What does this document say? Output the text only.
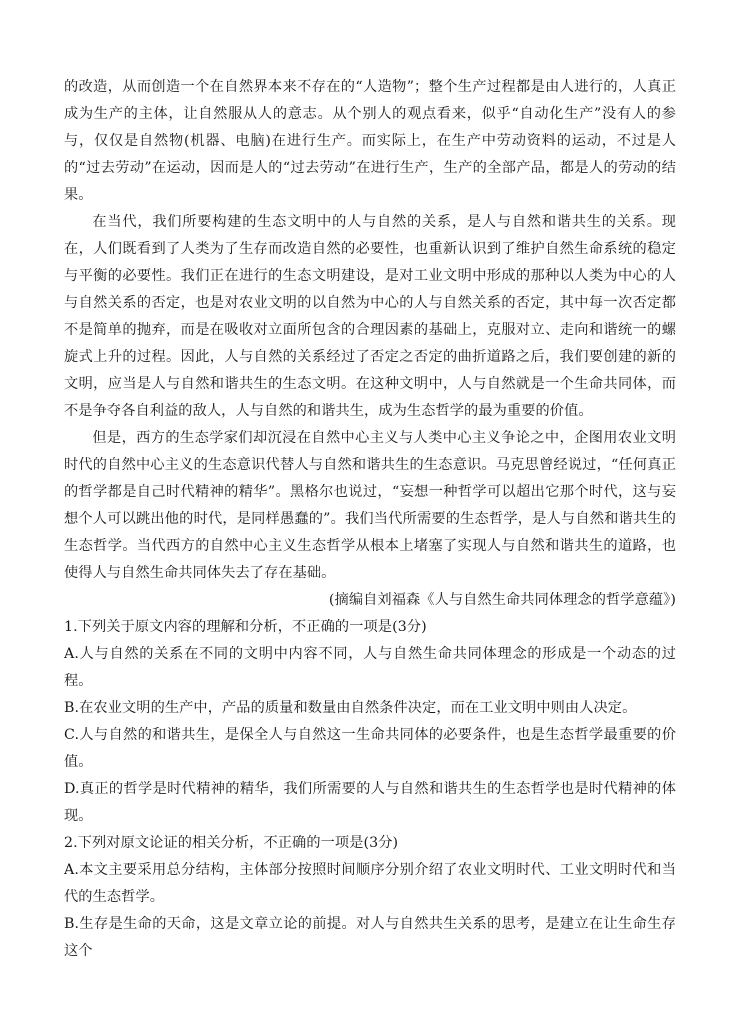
的改造，从而创造一个在自然界本来不存在的“人造物”；整个生产过程都是由人进行的，人真正成为生产的主体，让自然服从人的意志。从个别人的观点看来，似乎“自动化生产”没有人的参与，仅仅是自然物(机器、电脑)在进行生产。而实际上，在生产中劳动资料的运动，不过是人的“过去劳动”在运动，因而是人的“过去劳动”在进行生产，生产的全部产品，都是人的劳动的结果。

在当代，我们所要构建的生态文明中的人与自然的关系，是人与自然和谐共生的关系。现在，人们既看到了人类为了生存而改造自然的必要性，也重新认识到了维护自然生命系统的稳定与平衡的必要性。我们正在进行的生态文明建设，是对工业文明中形成的那种以人类为中心的人与自然关系的否定，也是对农业文明的以自然为中心的人与自然关系的否定，其中每一次否定都不是简单的抛弃，而是在吸收对立面所包含的合理因素的基础上，克服对立、走向和谐统一的螺旋式上升的过程。因此，人与自然的关系经过了否定之否定的曲折道路之后，我们要创建的新的文明，应当是人与自然和谐共生的生态文明。在这种文明中，人与自然就是一个生命共同体，而不是争夺各自利益的敌人，人与自然的和谐共生，成为生态哲学的最为重要的价值。

但是，西方的生态学家们却沉浸在自然中心主义与人类中心主义争论之中，企图用农业文明时代的自然中心主义的生态意识代替人与自然和谐共生的生态意识。马克思曾经说过，“任何真正的哲学都是自己时代精神的精华”。黑格尔也说过，“妄想一种哲学可以超出它那个时代，这与妄想个人可以跳出他的时代，是同样愚蠢的”。我们当代所需要的生态哲学，是人与自然和谐共生的生态哲学。当代西方的自然中心主义生态哲学从根本上堵塞了实现人与自然和谐共生的道路，也使得人与自然生命共同体失去了存在基础。

(摘编自刘福森《人与自然生命共同体理念的哲学意蕴》)

1.下列关于原文内容的理解和分析，不正确的一项是(3分)

A.人与自然的关系在不同的文明中内容不同，人与自然生命共同体理念的形成是一个动态的过程。

B.在农业文明的生产中，产品的质量和数量由自然条件决定，而在工业文明中则由人决定。

C.人与自然的和谐共生，是保全人与自然这一生命共同体的必要条件，也是生态哲学最重要的价值。

D.真正的哲学是时代精神的精华，我们所需要的人与自然和谐共生的生态哲学也是时代精神的体现。

2.下列对原文论证的相关分析，不正确的一项是(3分)

A.本文主要采用总分结构，主体部分按照时间顺序分别介绍了农业文明时代、工业文明时代和当代的生态哲学。

B.生存是生命的天命，这是文章立论的前提。对人与自然共生关系的思考，是建立在让生命生存这个
